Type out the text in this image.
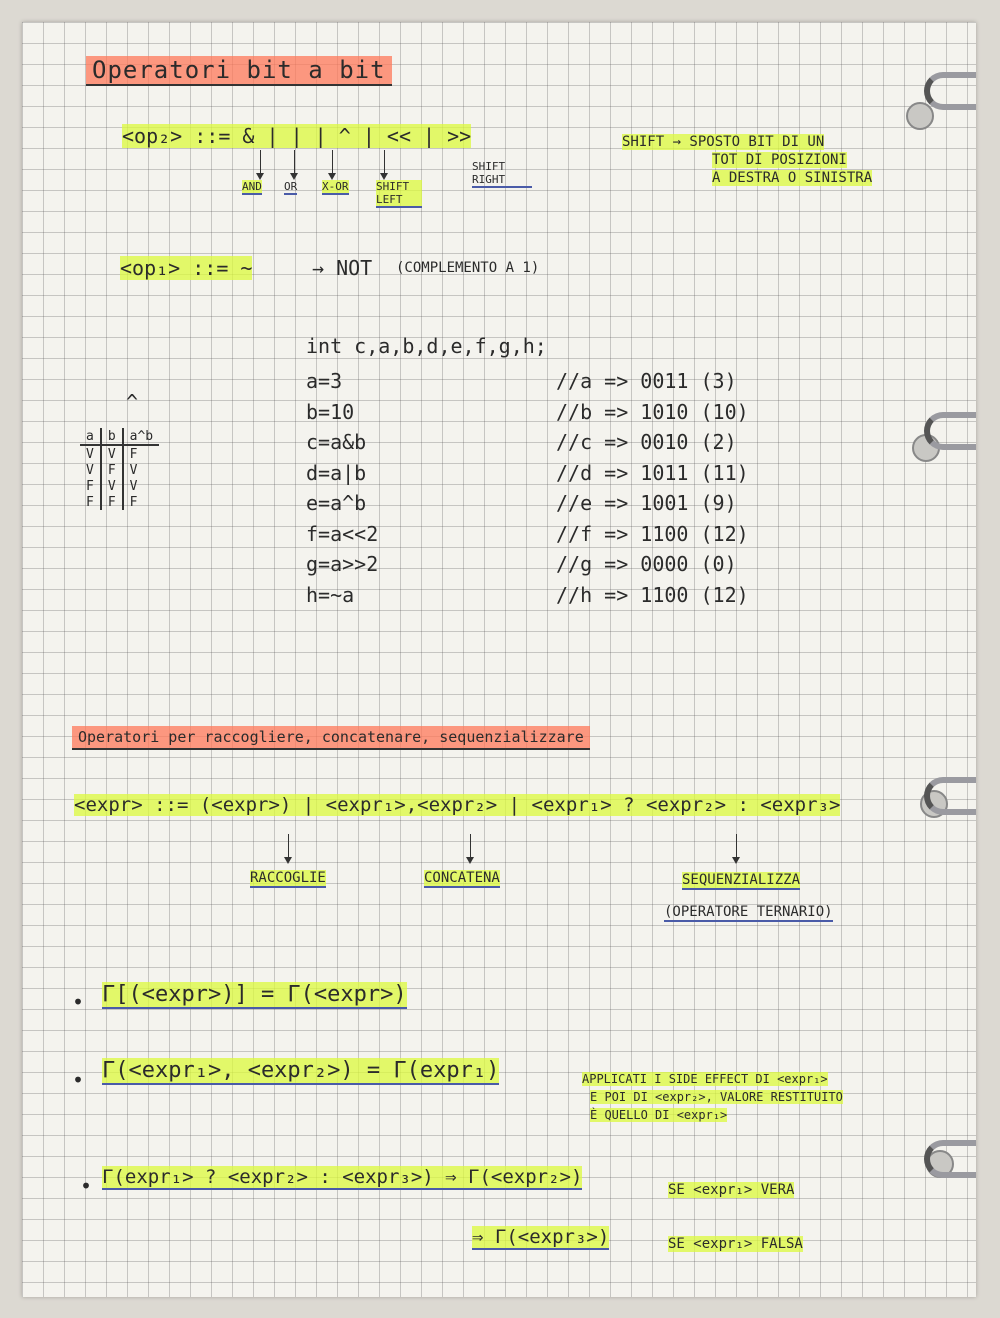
Operatori bit a bit
<op₂> ::= & | | | ^ | << | >>
AND OR X-OR	SHIFT LEFT
SHIFT RIGHT
SHIFT → SPOSTO BIT DI UN
TOT DI POSIZIONI
A DESTRA O SINISTRA
<op₁> ::= ~	→ NOT (COMPLEMENTO A 1)
^
a	b	a^b
V	V	F
V	F	V
F	V	V
F	F	F
int c,a,b,d,e,f,g,h;
a=3
b=10
c=a&b
d=a|b
e=a^b
f=a<<2
g=a>>2
h=~a
//a => 0011 (3)
//b => 1010 (10)
//c => 0010 (2)
//d => 1011 (11)
//e => 1001 (9)
//f => 1100 (12)
//g => 0000 (0)
//h => 1100 (12)
Operatori per raccogliere, concatenare, sequenzializzare
<expr> ::= (<expr>) | <expr₁>,<expr₂> | <expr₁> ? <expr₂> : <expr₃>
RACCOGLIE	CONCATENA	SEQUENZIALIZZA
(OPERATORE TERNARIO)
• Γ[(<expr>)] = Γ(<expr>)
• Γ(<expr₁>, <expr₂>) = Γ(expr₁)	APPLICATI I SIDE EFFECT DI <expr₁>
E POI DI <expr₂>, VALORE RESTITUITO
È QUELLO DI <expr₁>
• Γ(expr₁> ? <expr₂> : <expr₃>) ⇒ Γ(<expr₂>)
SE <expr₁> VERA
⇒ Γ(<expr₃>)	SE <expr₁> FALSA
